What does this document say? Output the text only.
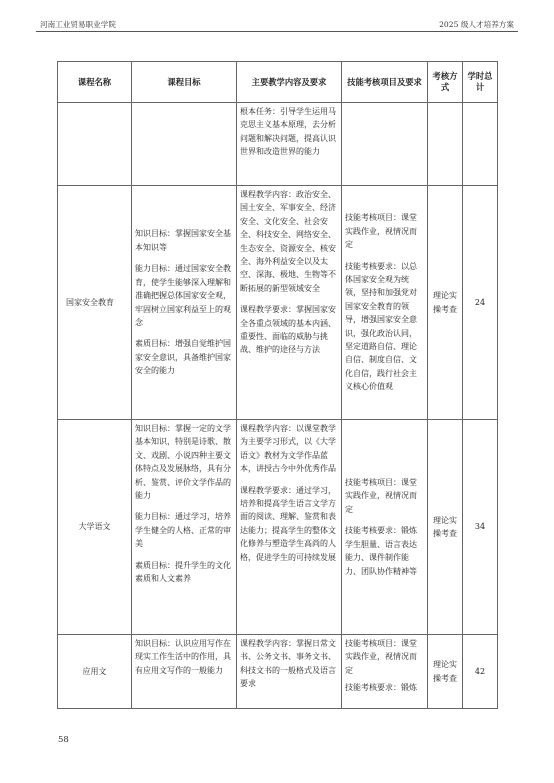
河南工业贸易职业学院	2025 级人才培养方案
课程名称	课程目标	主要教学内容及要求	技能考核项目及要求	考核方式	学时总计

		根本任务：引导学生运用马克思主义基本原理，去分析问题和解决问题，提高认识世界和改造世界的能力			

国家安全教育	知识目标：掌握国家安全基本知识等
能力目标：通过国家安全教育，使学生能够深入理解和准确把握总体国家安全观，牢固树立国家利益至上的观念
素质目标：增强自觉维护国家安全意识，具备维护国家安全的能力	课程教学内容：政治安全、国土安全、军事安全、经济安全、文化安全、社会安全、科技安全、网络安全、生态安全、资源安全、核安全、海外利益安全以及太空、深海、极地、生物等不断拓展的新型领域安全
课程教学要求：掌握国家安全各重点领域的基本内涵、重要性、面临的威胁与挑战、维护的途径与方法	技能考核项目：课堂实践作业，视情况而定
技能考核要求：以总体国家安全观为统领，坚持和加强党对国家安全教育的领导，增强国家安全意识，强化政治认同，坚定道路自信、理论自信、制度自信、文化自信，践行社会主义核心价值观	理论实操考查	24
大学语文	知识目标：掌握一定的文学基本知识，特别是诗歌、散文、戏剧、小说四种主要文体特点及发展脉络，具有分析、鉴赏、评价文学作品的能力
能力目标：通过学习，培养学生健全的人格、正常的审美
素质目标：提升学生的文化素质和人文素养	课程教学内容：以课堂教学为主要学习形式，以《大学语文》教材为文学作品蓝本，讲授古今中外优秀作品
课程教学要求：通过学习，培养和提高学生语言文学方面的阅读、理解、鉴赏和表达能力；提高学生的整体文化修养与塑造学生高尚的人格，促进学生的可持续发展	技能考核项目：课堂实践作业，视情况而定
技能考核要求：锻炼学生胆量、语言表达能力、课件制作能力、团队协作精神等	理论实操考查	34
应用文	知识目标：认识应用写作在现实工作生活中的作用，具有应用文写作的一般能力	课程教学内容：掌握日常文书、公务文书、事务文书、科技文书的一般格式及语言要求	技能考核项目：课堂实践作业，视情况而定
技能考核要求：锻炼	理论实操考查	42
58
